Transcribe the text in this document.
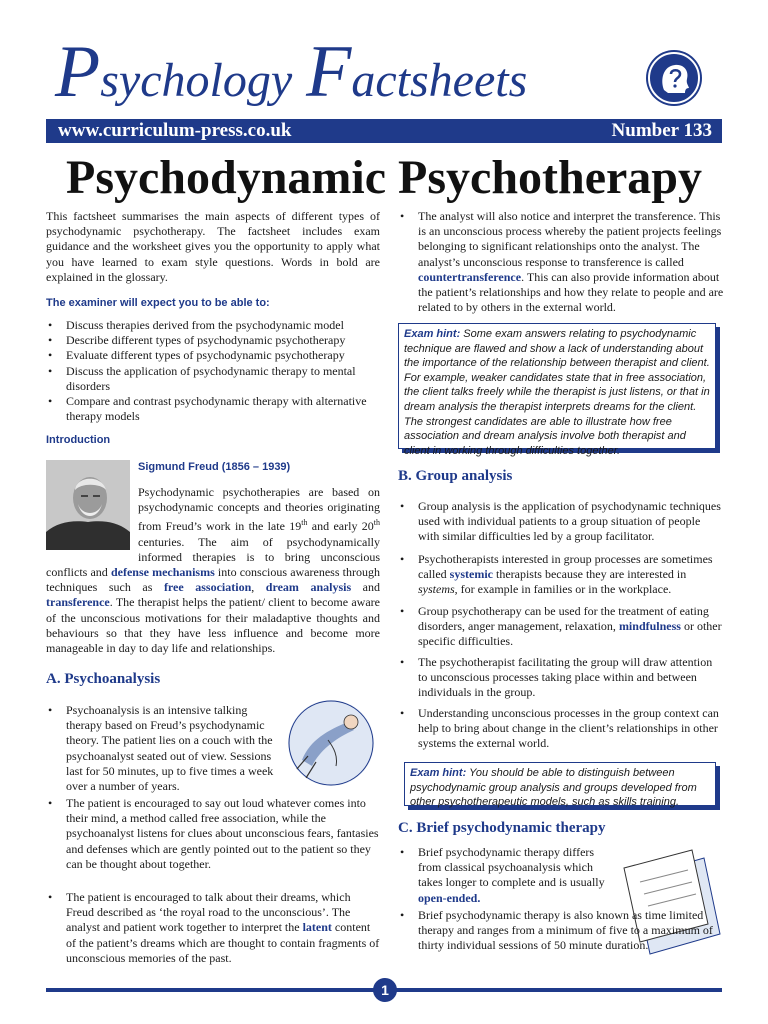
Psychology Factsheets
www.curriculum-press.co.uk	Number 133
Psychodynamic Psychotherapy

This factsheet summarises the main aspects of different types of psychodynamic psychotherapy. The factsheet includes exam guidance and the worksheet gives you the opportunity to apply what you have learned to exam style questions. Words in bold are explained in the glossary.

The examiner will expect you to be able to:
• Discuss therapies derived from the psychodynamic model
• Describe different types of psychodynamic psychotherapy
• Evaluate different types of psychodynamic psychotherapy
• Discuss the application of psychodynamic therapy to mental disorders
• Compare and contrast psychodynamic therapy with alternative therapy models
Introduction
Sigmund Freud (1856 – 1939)

Psychodynamic psychotherapies are based on psychodynamic concepts and theories originating from Freud’s work in the late 19th and early 20th centuries. The aim of psychodynamically informed therapies is to bring unconscious conflicts and defense mechanisms into conscious awareness through techniques such as free association, dream analysis and transference. The therapist helps the patient/ client to become aware of the unconscious motivations for their maladaptive thoughts and behaviours so that they have less influence and become more manageable in day to day life and relationships.

A. Psychoanalysis
• Psychoanalysis is an intensive talking therapy based on Freud’s psychodynamic theory. The patient lies on a couch with the psychoanalyst seated out of view. Sessions last for 50 minutes, up to five times a week over a number of years.
• The patient is encouraged to say out loud whatever comes into their mind, a method called free association, while the psychoanalyst listens for clues about unconscious fears, fantasies and defenses which are gently pointed out to the patient so they can be thought about together.
• The patient is encouraged to talk about their dreams, which Freud described as ‘the royal road to the unconscious’. The analyst and patient work together to interpret the latent content of the patient’s dreams which are thought to contain fragments of unconscious memories of the past.
• The analyst will also notice and interpret the transference. This is an unconscious process whereby the patient projects feelings belonging to significant relationships onto the analyst. The analyst’s unconscious response to transference is called countertransference. This can also provide information about the patient’s relationships and how they relate to people and are related to by others in the external world.
Exam hint: Some exam answers relating to psychodynamic technique are flawed and show a lack of understanding about the importance of the relationship between therapist and client. For example, weaker candidates state that in free association, the client talks freely while the therapist is just listens, or that in dream analysis the therapist interprets dreams for the client. The strongest candidates are able to illustrate how free association and dream analysis involve both therapist and client in working through difficulties together.
B. Group analysis
• Group analysis is the application of psychodynamic techniques used with individual patients to a group situation of people with similar difficulties led by a group facilitator.
• Psychotherapists interested in group processes are sometimes called systemic therapists because they are interested in systems, for example in families or in the workplace.
• Group psychotherapy can be used for the treatment of eating disorders, anger management, relaxation, mindfulness or other specific difficulties.
• The psychotherapist facilitating the group will draw attention to unconscious processes taking place within and between individuals in the group.
• Understanding unconscious processes in the group context can help to bring about change in the client’s relationships in other systems the external world.
Exam hint: You should be able to distinguish between psychodynamic group analysis and groups developed from other psychotherapeutic models, such as skills training.
C. Brief psychodynamic therapy
• Brief psychodynamic therapy differs from classical psychoanalysis which takes longer to complete and is usually open-ended.
• Brief psychodynamic therapy is also known as time limited therapy and ranges from a minimum of five to a maximum of thirty individual sessions of 50 minute duration.
1
